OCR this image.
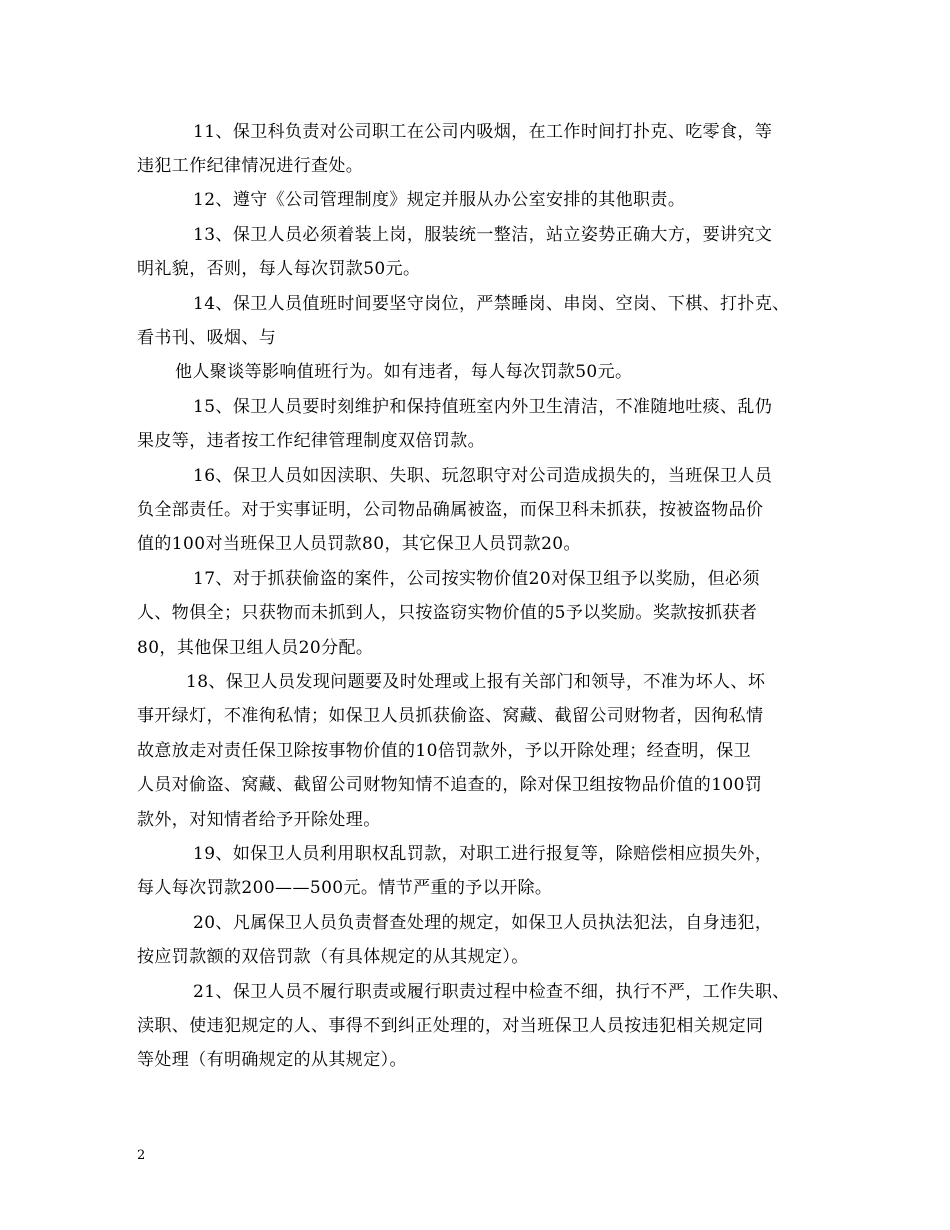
11、保卫科负责对公司职工在公司内吸烟，在工作时间打扑克、吃零食，等
违犯工作纪律情况进行查处。
12、遵守《公司管理制度》规定并服从办公室安排的其他职责。
13、保卫人员必须着装上岗，服装统一整洁，站立姿势正确大方，要讲究文
明礼貌，否则，每人每次罚款50元。
14、保卫人员值班时间要坚守岗位，严禁睡岗、串岗、空岗、下棋、打扑克、
看书刊、吸烟、与
他人聚谈等影响值班行为。如有违者，每人每次罚款50元。
15、保卫人员要时刻维护和保持值班室内外卫生清洁，不准随地吐痰、乱仍
果皮等，违者按工作纪律管理制度双倍罚款。
16、保卫人员如因渎职、失职、玩忽职守对公司造成损失的，当班保卫人员
负全部责任。对于实事证明，公司物品确属被盗，而保卫科未抓获，按被盗物品价
值的100对当班保卫人员罚款80，其它保卫人员罚款20。
17、对于抓获偷盗的案件，公司按实物价值20对保卫组予以奖励，但必须
人、物俱全；只获物而未抓到人，只按盗窃实物价值的5予以奖励。奖款按抓获者
80，其他保卫组人员20分配。
18、保卫人员发现问题要及时处理或上报有关部门和领导，不准为坏人、坏
事开绿灯，不准徇私情；如保卫人员抓获偷盗、窝藏、截留公司财物者，因徇私情
故意放走对责任保卫除按事物价值的10倍罚款外，予以开除处理；经查明，保卫
人员对偷盗、窝藏、截留公司财物知情不追查的，除对保卫组按物品价值的100罚
款外，对知情者给予开除处理。
19、如保卫人员利用职权乱罚款，对职工进行报复等，除赔偿相应损失外，
每人每次罚款200——500元。情节严重的予以开除。
20、凡属保卫人员负责督查处理的规定，如保卫人员执法犯法，自身违犯，
按应罚款额的双倍罚款（有具体规定的从其规定）。
21、保卫人员不履行职责或履行职责过程中检查不细，执行不严，工作失职、
渎职、使违犯规定的人、事得不到纠正处理的，对当班保卫人员按违犯相关规定同
等处理（有明确规定的从其规定）。
2
